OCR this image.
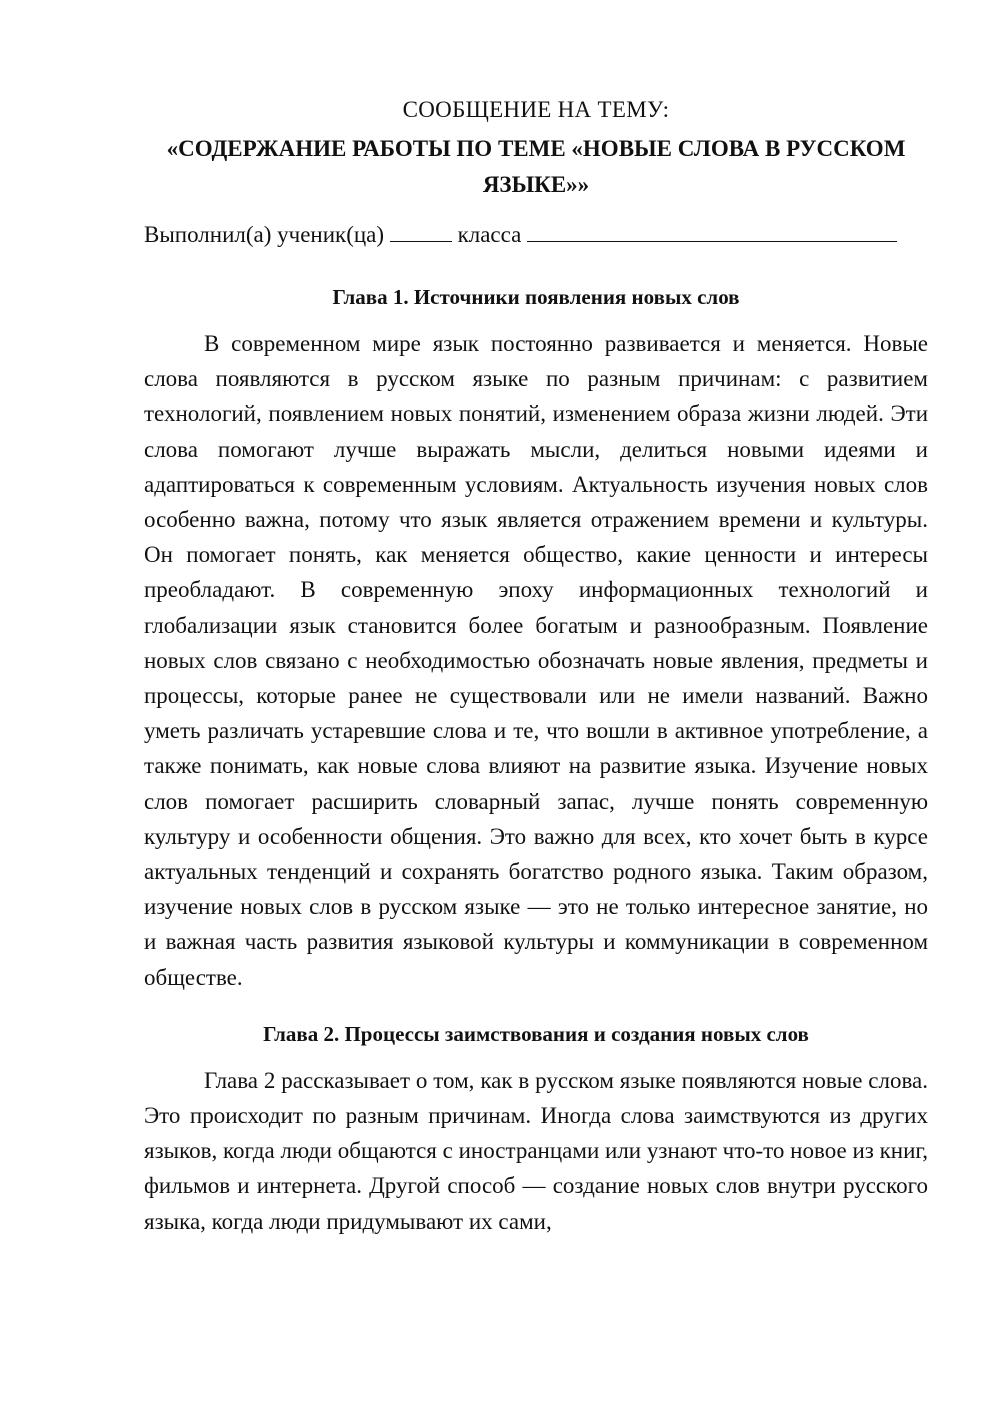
СООБЩЕНИЕ НА ТЕМУ:

«СОДЕРЖАНИЕ РАБОТЫ ПО ТЕМЕ «НОВЫЕ СЛОВА В РУССКОМ ЯЗЫКЕ»»
Выполнил(а) ученик(ца)	класса
Глава 1. Источники появления новых слов

В современном мире язык постоянно развивается и меняется. Новые слова появляются в русском языке по разным причинам: с развитием технологий, появлением новых понятий, изменением образа жизни людей. Эти слова помогают лучше выражать мысли, делиться новыми идеями и адаптироваться к современным условиям. Актуальность изучения новых слов особенно важна, потому что язык является отражением времени и культуры. Он помогает понять, как меняется общество, какие ценности и интересы преобладают. В современную эпоху информационных технологий и глобализации язык становится более богатым и разнообразным. Появление новых слов связано с необходимостью обозначать новые явления, предметы и процессы, которые ранее не существовали или не имели названий. Важно уметь различать устаревшие слова и те, что вошли в активное употребление, а также понимать, как новые слова влияют на развитие языка. Изучение новых слов помогает расширить словарный запас, лучше понять современную культуру и особенности общения. Это важно для всех, кто хочет быть в курсе актуальных тенденций и сохранять богатство родного языка. Таким образом, изучение новых слов в русском языке — это не только интересное занятие, но и важная часть развития языковой культуры и коммуникации в современном обществе.

Глава 2. Процессы заимствования и создания новых слов

Глава 2 рассказывает о том, как в русском языке появляются новые слова. Это происходит по разным причинам. Иногда слова заимствуются из других языков, когда люди общаются с иностранцами или узнают что-то новое из книг, фильмов и интернета. Другой способ — создание новых слов внутри русского языка, когда люди придумывают их сами,
